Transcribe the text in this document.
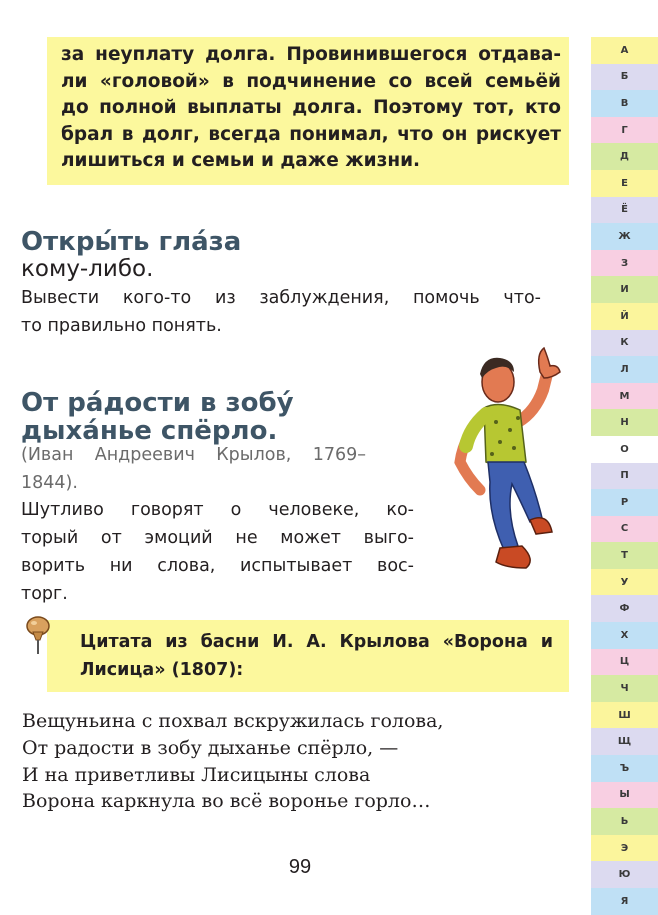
за неуплату долга. Провинившегося отдава-
ли «головой» в подчинение со всей семьёй
до полной выплаты долга. Поэтому тот, кто
брал в долг, всегда понимал, что он рискует
лишиться и семьи и даже жизни.
Откры́ть гла́за
кому-либо.
Вывести кого-то из заблуждения, помочь что-
то правильно понять.
От ра́дости в зобу́
дыха́нье спёрло.
(Иван Андреевич Крылов, 1769–
1844).
Шутливо говорят о человеке, ко-
торый от эмоций не может выго-
ворить ни слова, испытывает вос-
торг.
Цитата из басни И. А. Крылова «Ворона и
Лисица» (1807):
Вещуньина с похвал вскружилась голова,
От радости в зобу дыханье спёрло, —
И на приветливы Лисицыны слова
Ворона каркнула во всё воронье горло…
99
А
Б
В
Г
Д
Е
Ё
Ж
З
И
Й
К
Л
М
Н
О
П
Р
С
Т
У
Ф
Х
Ц
Ч
Ш
Щ
Ъ
Ы
Ь
Э
Ю
Я
